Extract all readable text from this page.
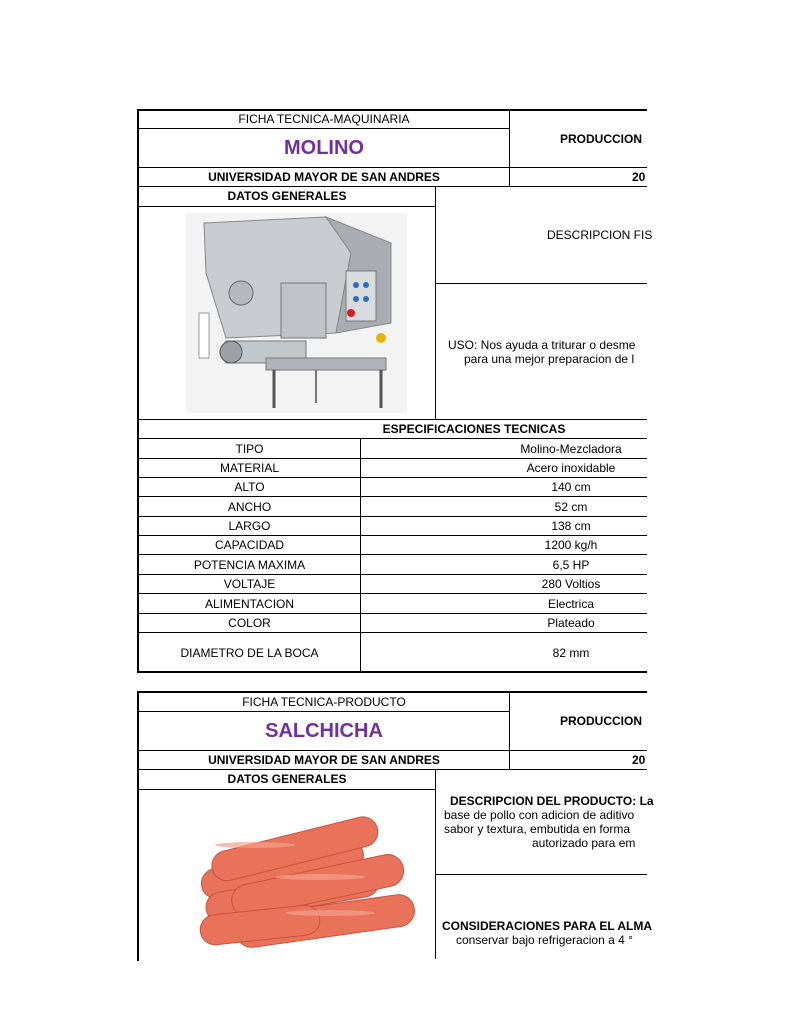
FICHA TECNICA-MAQUINARIA
MOLINO	PRODUCCION
UNIVERSIDAD MAYOR DE SAN ANDRES	20
DATOS GENERALES
DESCRIPCION FIS
USO: Nos ayuda a triturar o desme
para una mejor preparacion de l
ESPECIFICACIONES TECNICAS
TIPO	Molino-Mezcladora
MATERIAL	Acero inoxidable
ALTO	140 cm
ANCHO	52 cm
LARGO	138 cm
CAPACIDAD	1200 kg/h
POTENCIA MAXIMA	6,5 HP
VOLTAJE	280 Voltios
ALIMENTACION	Electrica
COLOR	Plateado
DIAMETRO DE LA BOCA	82 mm
FICHA TECNICA-PRODUCTO
SALCHICHA	PRODUCCION
UNIVERSIDAD MAYOR DE SAN ANDRES	20
DATOS GENERALES
DESCRIPCION DEL PRODUCTO: La
base de pollo con adicion de aditivo
sabor y textura, embutida en forma
autorizado para em
CONSIDERACIONES PARA EL ALMA
conservar bajo refrigeracion a 4 °
